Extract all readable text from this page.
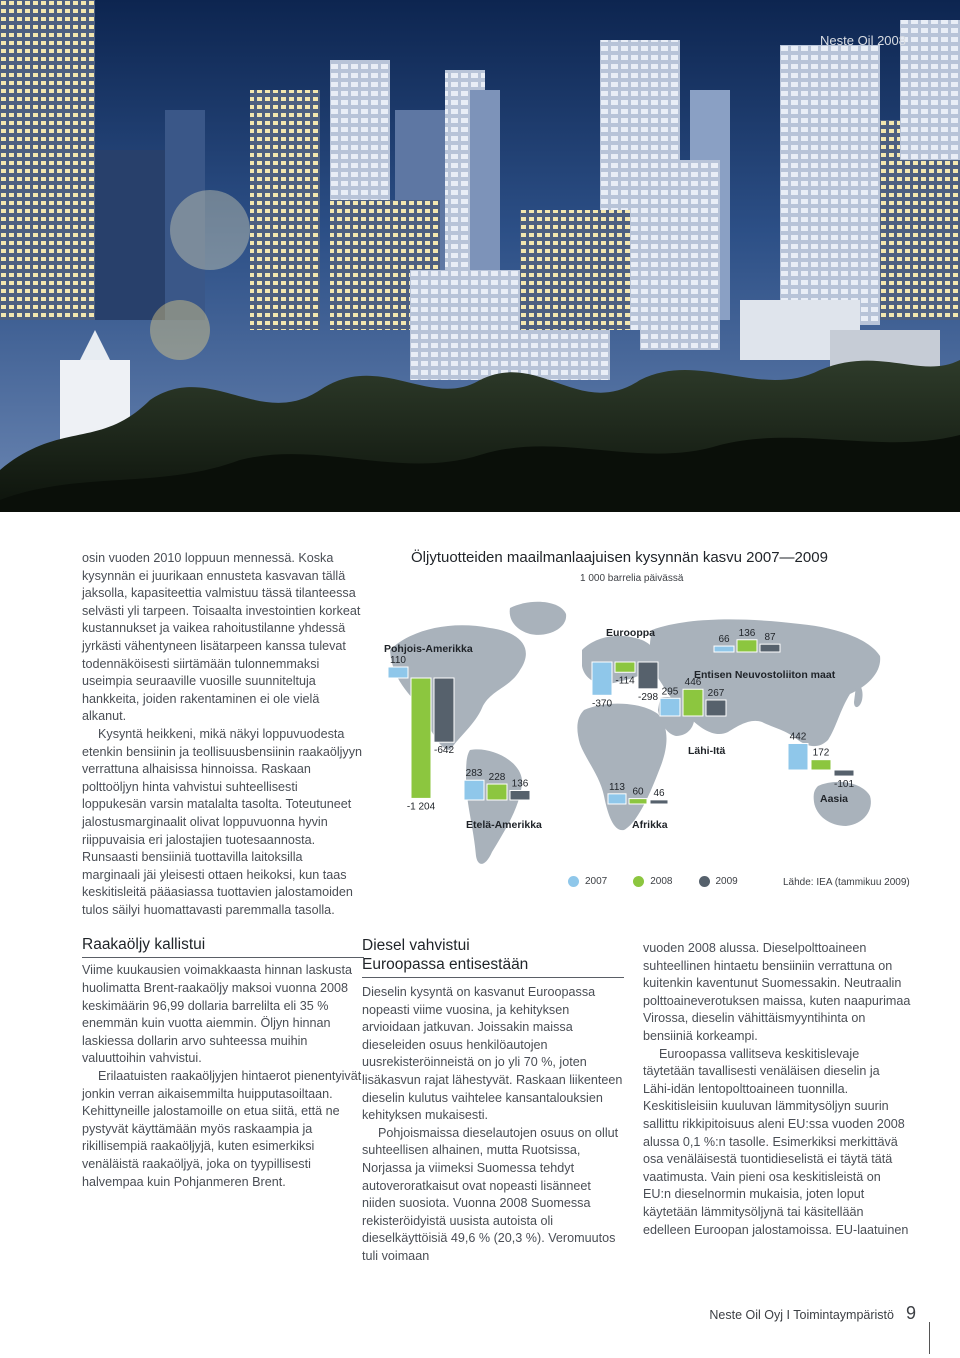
Neste Oil 2008

osin vuoden 2010 loppuun mennessä. Koska kysynnän ei juurikaan ennusteta kasvavan tällä jaksolla, kapasiteettia valmistuu tässä tilanteessa selvästi yli tarpeen. Toisaalta investointien korkeat kustannukset ja vaikea rahoitustilanne yhdessä jyrkästi vähentyneen lisätarpeen kanssa tulevat todennäköisesti siirtämään tulonnemmaksi useimpia seuraaville vuosille suunniteltuja hankkeita, joiden rakentaminen ei ole vielä alkanut.

Kysyntä heikkeni, mikä näkyi loppuvuodesta etenkin bensiinin ja teollisuusbensiinin raakaöljyyn verrattuna alhaisissa hinnoissa. Raskaan polttoöljyn hinta vahvistui suhteellisesti loppukesän varsin matalalta tasolta. Toteutuneet jalostusmarginaalit olivat loppuvuonna hyvin riippuvaisia eri jalostajien tuotesaannosta. Runsaasti bensiiniä tuottavilla laitoksilla marginaali jäi yleisesti ottaen heikoksi, kun taas keskitisleitä pääasiassa tuottavien jalostamoiden tulos säilyi huomattavasti paremmalla tasolla.

Raakaöljy kallistui

Viime kuukausien voimakkaasta hinnan laskusta huolimatta Brent-raakaöljy maksoi vuonna 2008 keskimäärin 96,99 dollaria barrelilta eli 35 % enemmän kuin vuotta aiemmin. Öljyn hinnan laskiessa dollarin arvo suhteessa muihin valuuttoihin vahvistui.

Erilaatuisten raakaöljyjen hintaerot pienentyivät jonkin verran aikaisemmilta huipputasoiltaan. Kehittyneille jalostamoille on etua siitä, että ne pystyvät käyttämään myös raskaampia ja rikillisempiä raakaöljyjä, kuten esimerkiksi venäläistä raakaöljyä, joka on tyypillisesti halvempaa kuin Pohjanmeren Brent.

Öljytuotteiden maailmanlaajuisen kysynnän kasvu 2007—2009
1 000 barrelia päivässä
110
-1 204
-642
283 228
136
-370
-114
-298
66
136 87
295
446
267
113 60 46
442
172
-101
Pohjois-Amerikka
Etelä-Amerikka
Eurooppa
Entisen Neuvostoliiton maat
Lähi-Itä
Afrikka
Aasia
2007	2008	2009	Lähde: IEA (tammikuu 2009)
Diesel vahvistui
Euroopassa entisestään

Dieselin kysyntä on kasvanut Euroopassa nopeasti viime vuosina, ja kehityksen arvioidaan jatkuvan. Joissakin maissa dieseleiden osuus henkilöautojen uusrekisteröinneistä on jo yli 70 %, joten lisäkasvun rajat lähestyvät. Raskaan liikenteen dieselin kulutus vaihtelee kansantalouksien kehityksen mukaisesti.

Pohjoismaissa dieselautojen osuus on ollut suhteellisen alhainen, mutta Ruotsissa, Norjassa ja viimeksi Suomessa tehdyt autoveroratkaisut ovat nopeasti lisänneet niiden suosiota. Vuonna 2008 Suomessa rekisteröidyistä uusista autoista oli dieselkäyttöisiä 49,6 % (20,3 %). Veromuutos tuli voimaan

vuoden 2008 alussa. Dieselpolttoaineen suhteellinen hintaetu bensiiniin verrattuna on kuitenkin kaventunut Suomessakin. Neutraalin polttoaineverotuksen maissa, kuten naapurimaa Virossa, dieselin vähittäismyyntihinta on bensiiniä korkeampi.

Euroopassa vallitseva keskitislevaje täytetään tavallisesti venäläisen dieselin ja Lähi-idän lentopolttoaineen tuonnilla. Keskitisleisiin kuuluvan lämmitysöljyn suurin sallittu rikkipitoisuus aleni EU:ssa vuoden 2008 alussa 0,1 %:n tasolle. Esimerkiksi merkittävä osa venäläisestä tuontidieselistä ei täytä tätä vaatimusta. Vain pieni osa keskitisleistä on EU:n dieselnormin mukaisia, joten loput käytetään lämmitysöljynä tai käsitellään edelleen Euroopan jalostamoissa. EU-laatuinen

Neste Oil Oyj I Toimintaympäristö 9
